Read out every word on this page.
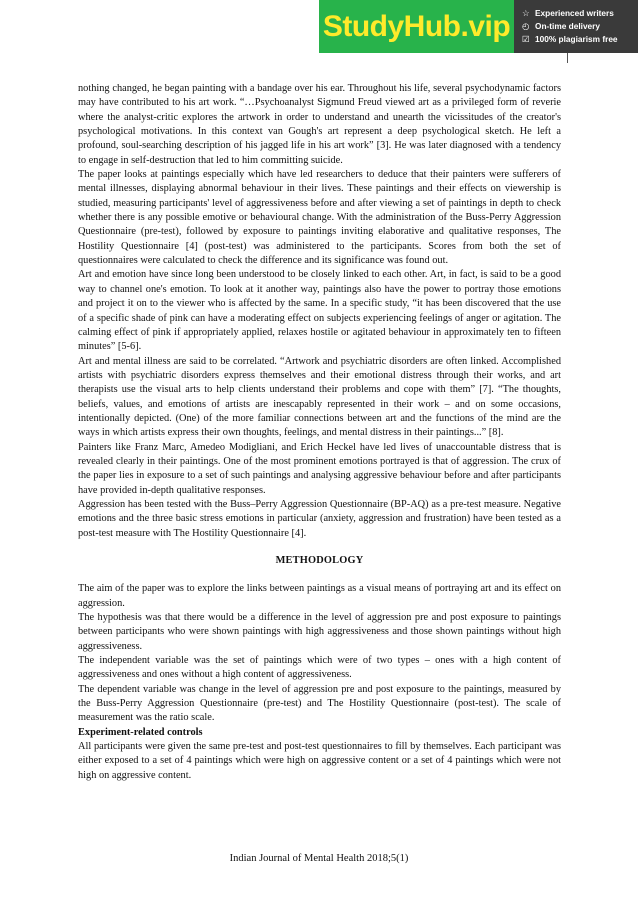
StudyHub.vip	☆ Experienced writers
◴ On-time delivery
☑ 100% plagiarism free

nothing changed, he began painting with a bandage over his ear. Throughout his life, several psychodynamic factors may have contributed to his art work. “…Psychoanalyst Sigmund Freud viewed art as a privileged form of reverie where the analyst-critic explores the artwork in order to understand and unearth the vicissitudes of the creator's psychological motivations. In this context van Gough's art represent a deep psychological sketch. He left a profound, soul-searching description of his jagged life in his art work” [3]. He was later diagnosed with a tendency to engage in self-destruction that led to him committing suicide.

The paper looks at paintings especially which have led researchers to deduce that their painters were sufferers of mental illnesses, displaying abnormal behaviour in their lives. These paintings and their effects on viewership is studied, measuring participants' level of aggressiveness before and after viewing a set of paintings in depth to check whether there is any possible emotive or behavioural change. With the administration of the Buss-Perry Aggression Questionnaire (pre-test), followed by exposure to paintings inviting elaborative and qualitative responses, The Hostility Questionnaire [4] (post-test) was administered to the participants. Scores from both the set of questionnaires were calculated to check the difference and its significance was found out.

Art and emotion have since long been understood to be closely linked to each other. Art, in fact, is said to be a good way to channel one's emotion. To look at it another way, paintings also have the power to portray those emotions and project it on to the viewer who is affected by the same. In a specific study, “it has been discovered that the use of a specific shade of pink can have a moderating effect on subjects experiencing feelings of anger or agitation. The calming effect of pink if appropriately applied, relaxes hostile or agitated behaviour in approximately ten to fifteen minutes” [5-6].

Art and mental illness are said to be correlated. “Artwork and psychiatric disorders are often linked. Accomplished artists with psychiatric disorders express themselves and their emotional distress through their works, and art therapists use the visual arts to help clients understand their problems and cope with them” [7]. “The thoughts, beliefs, values, and emotions of artists are inescapably represented in their work – and on some occasions, intentionally depicted. (One) of the more familiar connections between art and the functions of the mind are the ways in which artists express their own thoughts, feelings, and mental distress in their paintings...” [8].

Painters like Franz Marc, Amedeo Modigliani, and Erich Heckel have led lives of unaccountable distress that is revealed clearly in their paintings. One of the most prominent emotions portrayed is that of aggression. The crux of the paper lies in exposure to a set of such paintings and analysing aggressive behaviour before and after participants have provided in-depth qualitative responses.

Aggression has been tested with the Buss–Perry Aggression Questionnaire (BP-AQ) as a pre-test measure. Negative emotions and the three basic stress emotions in particular (anxiety, aggression and frustration) have been tested as a post-test measure with The Hostility Questionnaire [4].

METHODOLOGY

The aim of the paper was to explore the links between paintings as a visual means of portraying art and its effect on aggression.

The hypothesis was that there would be a difference in the level of aggression pre and post exposure to paintings between participants who were shown paintings with high aggressiveness and those shown paintings without high aggressiveness.

The independent variable was the set of paintings which were of two types – ones with a high content of aggressiveness and ones without a high content of aggressiveness.

The dependent variable was change in the level of aggression pre and post exposure to the paintings, measured by the Buss-Perry Aggression Questionnaire (pre-test) and The Hostility Questionnaire (post-test). The scale of measurement was the ratio scale.

Experiment-related controls

All participants were given the same pre-test and post-test questionnaires to fill by themselves. Each participant was either exposed to a set of 4 paintings which were high on aggressive content or a set of 4 paintings which were not high on aggressive content.

Indian Journal of Mental Health 2018;5(1)
